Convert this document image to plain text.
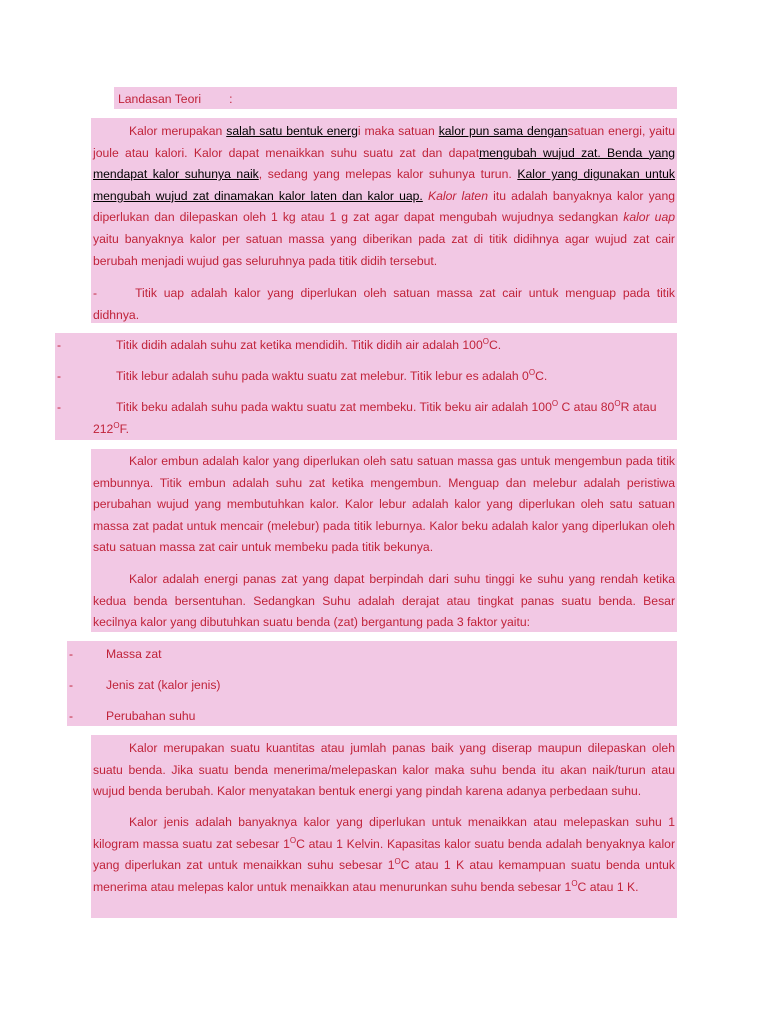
Landasan Teori :
Kalor merupakan salah satu bentuk energi maka satuan kalor pun sama dengansatuan energi, yaitu joule atau kalori. Kalor dapat menaikkan suhu suatu zat dan dapatmengubah wujud zat. Benda yang mendapat kalor suhunya naik, sedang yang melepas kalor suhunya turun. Kalor yang digunakan untuk mengubah wujud zat dinamakan kalor laten dan kalor uap. Kalor laten itu adalah banyaknya kalor yang diperlukan dan dilepaskan oleh 1 kg atau 1 g zat agar dapat mengubah wujudnya sedangkan kalor uap yaitu banyaknya kalor per satuan massa yang diberikan pada zat di titik didihnya agar wujud zat cair berubah menjadi wujud gas seluruhnya pada titik didih tersebut.
-	Titik uap adalah kalor yang diperlukan oleh satuan massa zat cair untuk menguap pada titik didhnya.
-	Titik didih adalah suhu zat ketika mendidih. Titik didih air adalah $100^OC$.
-	Titik lebur adalah suhu pada waktu suatu zat melebur. Titik lebur es adalah $0^OC$.
-	Titik beku adalah suhu pada waktu suatu zat membeku. Titik beku air adalah $100^O$ C atau $80^OR$ atau
$212^OF$.
Kalor embun adalah kalor yang diperlukan oleh satu satuan massa gas untuk mengembun pada titik embunnya. Titik embun adalah suhu zat ketika mengembun. Menguap dan melebur adalah peristiwa perubahan wujud yang membutuhkan kalor. Kalor lebur adalah kalor yang diperlukan oleh satu satuan massa zat padat untuk mencair (melebur) pada titik leburnya. Kalor beku adalah kalor yang diperlukan oleh satu satuan massa zat cair untuk membeku pada titik bekunya.
Kalor adalah energi panas zat yang dapat berpindah dari suhu tinggi ke suhu yang rendah ketika kedua benda bersentuhan. Sedangkan Suhu adalah derajat atau tingkat panas suatu benda. Besar kecilnya kalor yang dibutuhkan suatu benda (zat) bergantung pada 3 faktor yaitu:
-	Massa zat
-	Jenis zat (kalor jenis)
-	Perubahan suhu
Kalor merupakan suatu kuantitas atau jumlah panas baik yang diserap maupun dilepaskan oleh suatu benda. Jika suatu benda menerima/melepaskan kalor maka suhu benda itu akan naik/turun atau wujud benda berubah. Kalor menyatakan bentuk energi yang pindah karena adanya perbedaan suhu.
Kalor jenis adalah banyaknya kalor yang diperlukan untuk menaikkan atau melepaskan suhu 1 kilogram massa suatu zat sebesar $1^OC$ atau 1 Kelvin. Kapasitas kalor suatu benda adalah benyaknya kalor yang diperlukan zat untuk menaikkan suhu sebesar $1^OC$ atau 1 K atau kemampuan suatu benda untuk menerima atau melepas kalor untuk menaikkan atau menurunkan suhu benda sebesar $1^OC$ atau 1 K.
